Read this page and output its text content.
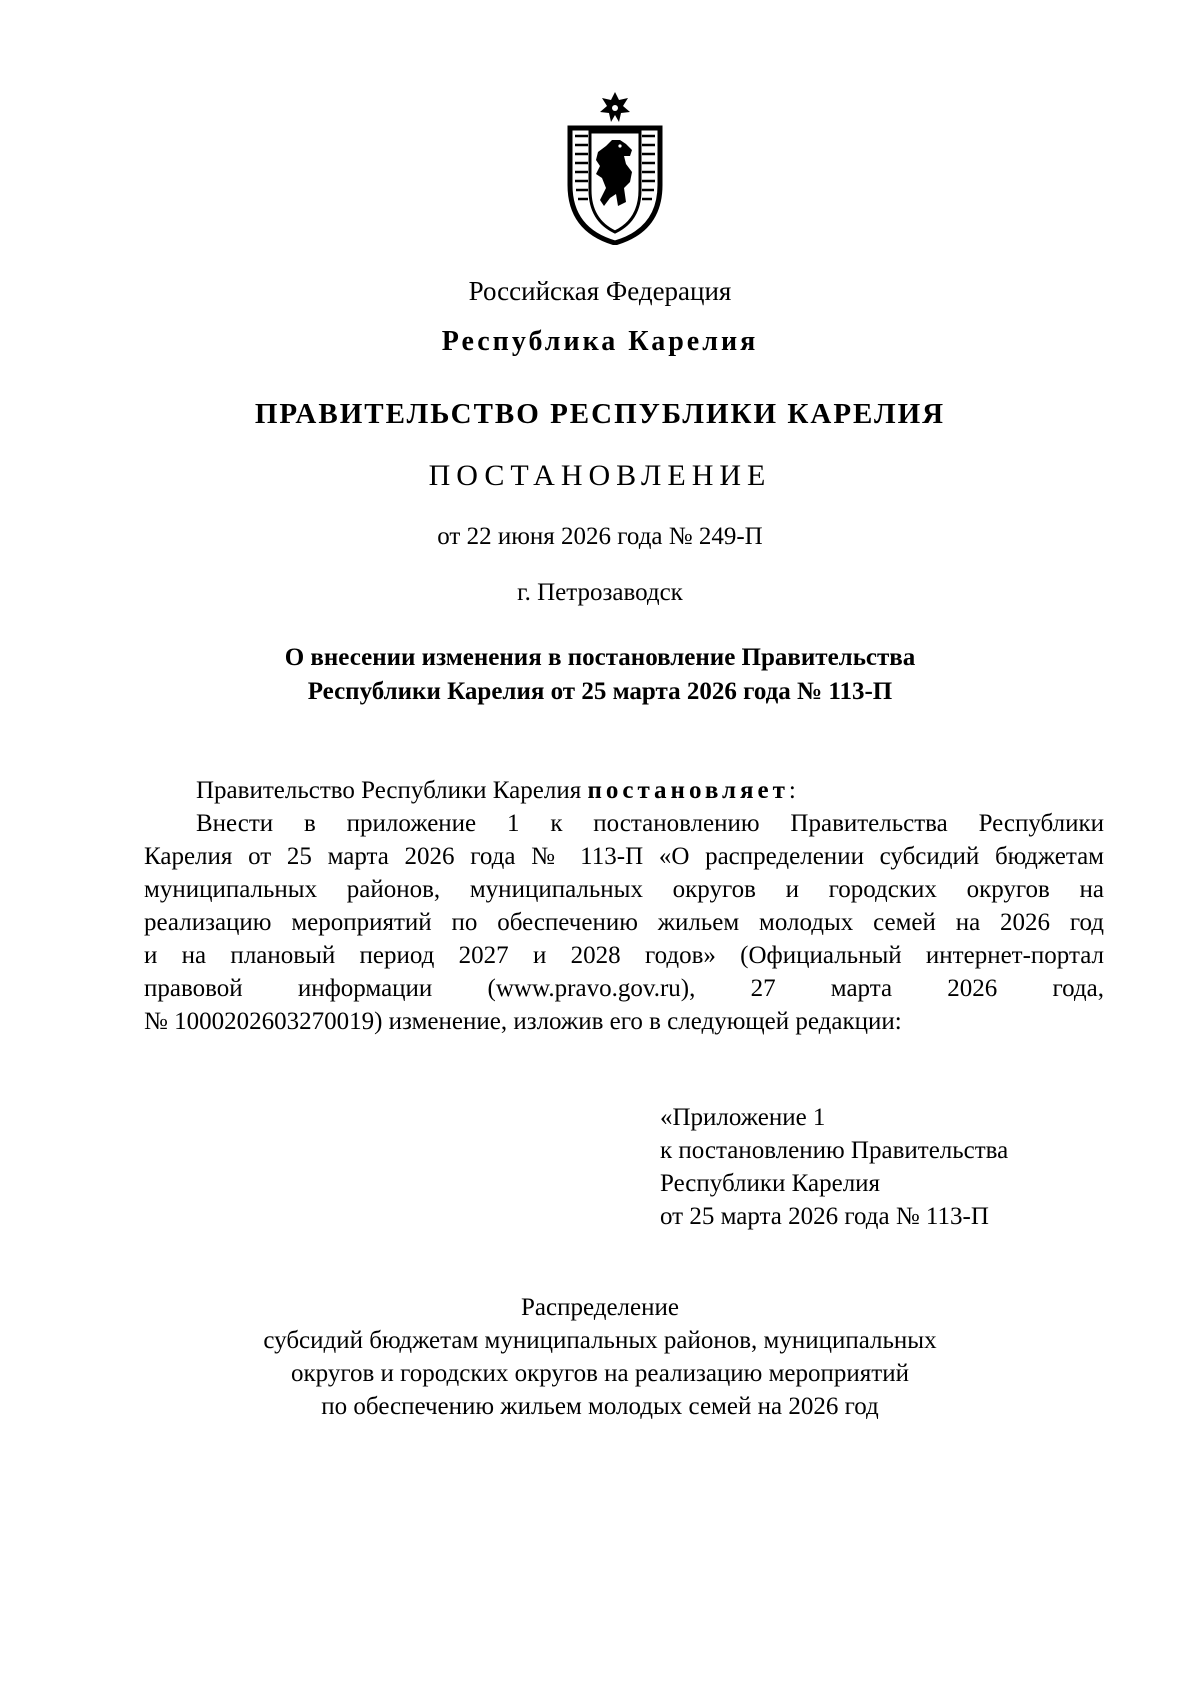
Российская Федерация
Республика Карелия
ПРАВИТЕЛЬСТВО РЕСПУБЛИКИ КАРЕЛИЯ
ПОСТАНОВЛЕНИЕ
от 22 июня 2026 года № 249-П
г. Петрозаводск
О внесении изменения в постановление Правительства
Республики Карелия от 25 марта 2026 года № 113-П

Правительство Республики Карелия постановляет:

Внести в приложение 1 к постановлению Правительства Республики
Карелия от 25 марта 2026 года № 113-П «О распределении субсидий бюджетам
муниципальных районов, муниципальных округов и городских округов на
реализацию мероприятий по обеспечению жильем молодых семей на 2026 год
и на плановый период 2027 и 2028 годов» (Официальный интернет-портал
правовой информации (www.pravo.gov.ru), 27 марта 2026 года,
№ 1000202603270019) изменение, изложив его в следующей редакции:
«Приложение 1
к постановлению Правительства
Республики Карелия
от 25 марта 2026 года № 113-П
Распределение
субсидий бюджетам муниципальных районов, муниципальных
округов и городских округов на реализацию мероприятий
по обеспечению жильем молодых семей на 2026 год
